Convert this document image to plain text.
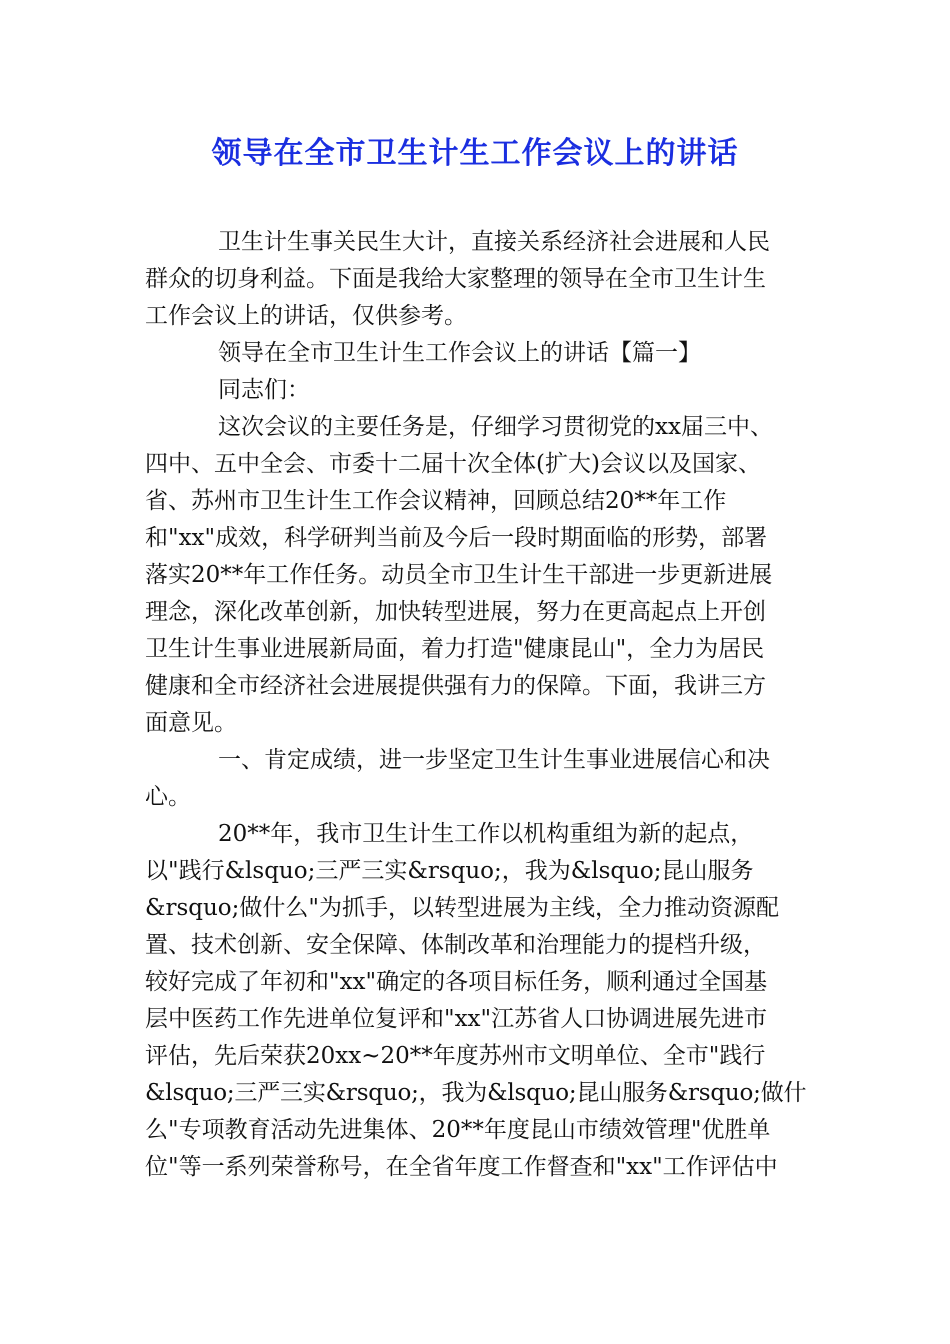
领导在全市卫生计生工作会议上的讲话
卫生计生事关民生大计，直接关系经济社会进展和人民
群众的切身利益。下面是我给大家整理的领导在全市卫生计生
工作会议上的讲话，仅供参考。
领导在全市卫生计生工作会议上的讲话【篇一】
同志们：
这次会议的主要任务是，仔细学习贯彻党的xx届三中、
四中、五中全会、市委十二届十次全体(扩大)会议以及国家、
省、苏州市卫生计生工作会议精神，回顾总结20**年工作
和"xx"成效，科学研判当前及今后一段时期面临的形势，部署
落实20**年工作任务。动员全市卫生计生干部进一步更新进展
理念，深化改革创新，加快转型进展，努力在更高起点上开创
卫生计生事业进展新局面，着力打造"健康昆山"，全力为居民
健康和全市经济社会进展提供强有力的保障。下面，我讲三方
面意见。
一、肯定成绩，进一步坚定卫生计生事业进展信心和决
心。
20**年，我市卫生计生工作以机构重组为新的起点，
以"践行&lsquo;三严三实&rsquo;，我为&lsquo;昆山服务
&rsquo;做什么"为抓手，以转型进展为主线，全力推动资源配
置、技术创新、安全保障、体制改革和治理能力的提档升级，
较好完成了年初和"xx"确定的各项目标任务，顺利通过全国基
层中医药工作先进单位复评和"xx"江苏省人口协调进展先进市
评估，先后荣获20xx~20**年度苏州市文明单位、全市"践行
&lsquo;三严三实&rsquo;，我为&lsquo;昆山服务&rsquo;做什
么"专项教育活动先进集体、20**年度昆山市绩效管理"优胜单
位"等一系列荣誉称号，在全省年度工作督查和"xx"工作评估中
